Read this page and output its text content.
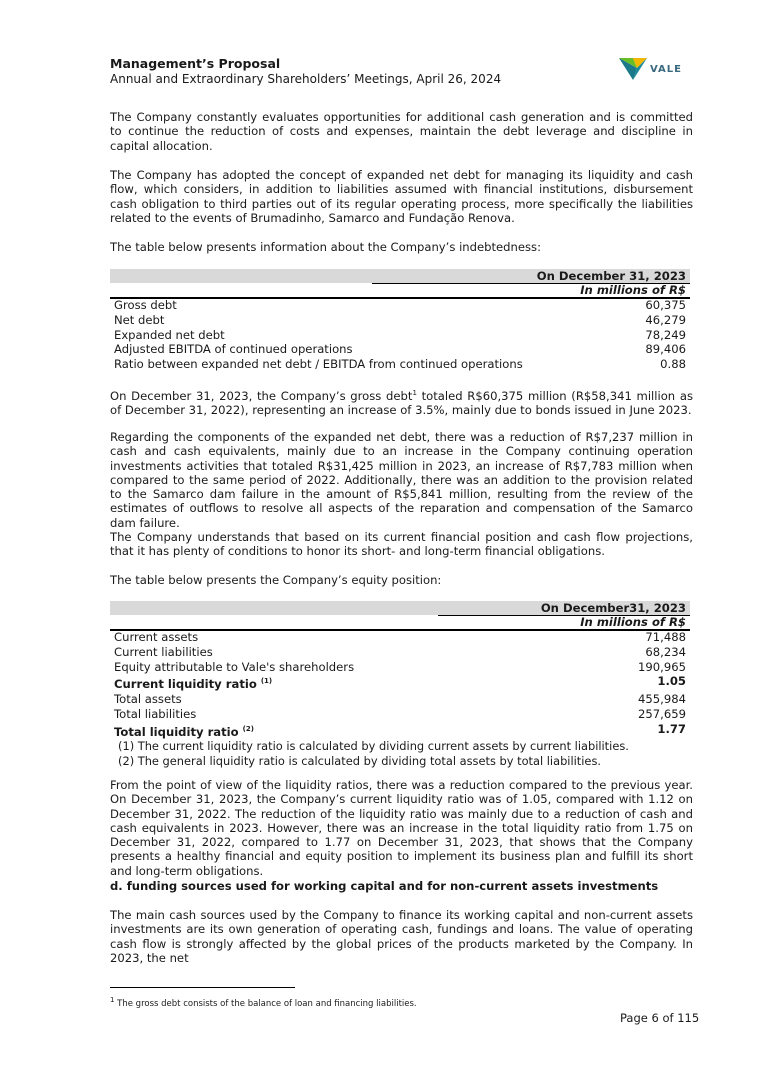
Management’s Proposal

Annual and Extraordinary Shareholders’ Meetings, April 26, 2024

VALE

The Company constantly evaluates opportunities for additional cash generation and is committed to continue the reduction of costs and expenses, maintain the debt leverage and discipline in capital allocation.

The Company has adopted the concept of expanded net debt for managing its liquidity and cash flow, which considers, in addition to liabilities assumed with financial institutions, disbursement cash obligation to third parties out of its regular operating process, more specifically the liabilities related to the events of Brumadinho, Samarco and Fundação Renova.

The table below presents information about the Company’s indebtedness:

On December 31, 2023
In millions of R$
Gross debt	60,375
Net debt	46,279
Expanded net debt	78,249
Adjusted EBITDA of continued operations	89,406
Ratio between expanded net debt / EBITDA from continued operations	0.88

On December 31, 2023, the Company’s gross debt$^1$ totaled R$60,375 million (R$58,341 million as of December 31, 2022), representing an increase of 3.5%, mainly due to bonds issued in June 2023.

Regarding the components of the expanded net debt, there was a reduction of R$7,237 million in cash and cash equivalents, mainly due to an increase in the Company continuing operation investments activities that totaled R$31,425 million in 2023, an increase of R$7,783 million when compared to the same period of 2022. Additionally, there was an addition to the provision related to the Samarco dam failure in the amount of R$5,841 million, resulting from the review of the estimates of outflows to resolve all aspects of the reparation and compensation of the Samarco dam failure.

The Company understands that based on its current financial position and cash flow projections, that it has plenty of conditions to honor its short- and long-term financial obligations.

The table below presents the Company’s equity position:

On December31, 2023
In millions of R$
Current assets	71,488
Current liabilities	68,234
Equity attributable to Vale's shareholders	190,965
Current liquidity ratio $^{(1)}$	1.05
Total assets	455,984
Total liabilities	257,659
Total liquidity ratio $^{(2)}$	1.77
(1) The current liquidity ratio is calculated by dividing current assets by current liabilities.
(2) The general liquidity ratio is calculated by dividing total assets by total liabilities.

From the point of view of the liquidity ratios, there was a reduction compared to the previous year. On December 31, 2023, the Company’s current liquidity ratio was of 1.05, compared with 1.12 on December 31, 2022. The reduction of the liquidity ratio was mainly due to a reduction of cash and cash equivalents in 2023. However, there was an increase in the total liquidity ratio from 1.75 on December 31, 2022, compared to 1.77 on December 31, 2023, that shows that the Company presents a healthy financial and equity position to implement its business plan and fulfill its short and long-term obligations.

d. funding sources used for working capital and for non-current assets investments

The main cash sources used by the Company to finance its working capital and non-current assets investments are its own generation of operating cash, fundings and loans. The value of operating cash flow is strongly affected by the global prices of the products marketed by the Company. In 2023, the net

$^1$ The gross debt consists of the balance of loan and financing liabilities.
Page 6 of 115
